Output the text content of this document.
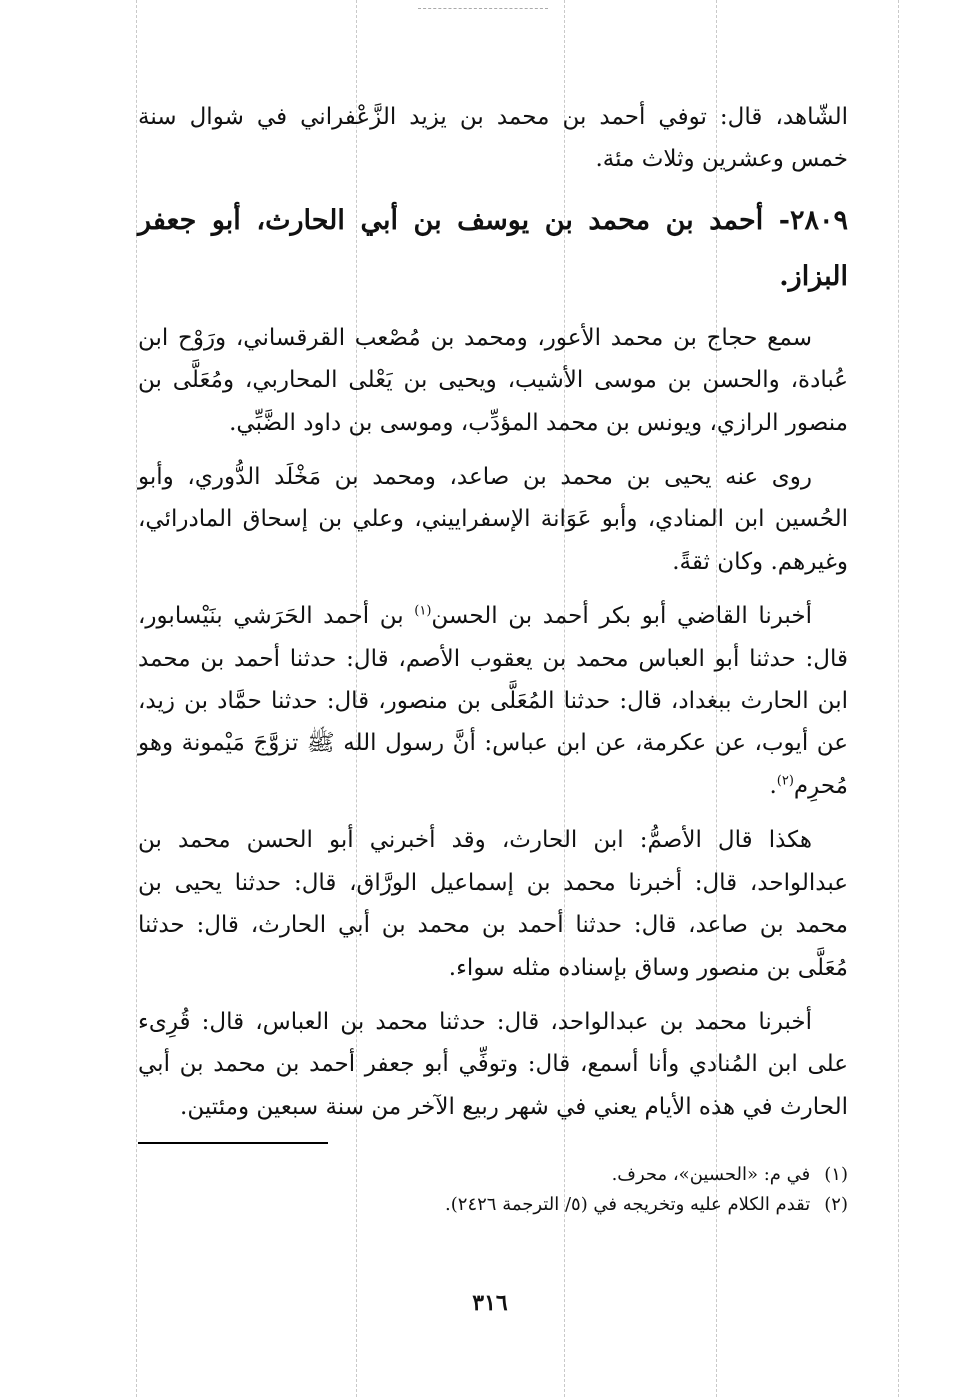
الشّاهد، قال: توفي أحمد بن محمد بن يزيد الزَّعْفراني في شوال سنة خمس وعشرين وثلاث مئة.

٢٨٠٩- أحمد بن محمد بن يوسف بن أبي الحارث، أبو جعفر البزاز.

سمع حجاج بن محمد الأعور، ومحمد بن مُصْعب القرقساني، ورَوْح ابن عُبادة، والحسن بن موسى الأشيب، ويحيى بن يَعْلى المحاربي، ومُعَلَّى بن منصور الرازي، ويونس بن محمد المؤدِّب، وموسى بن داود الضَّبِّي.

روى عنه يحيى بن محمد بن صاعد، ومحمد بن مَخْلَد الدُّوري، وأبو الحُسين ابن المنادي، وأبو عَوَانة الإسفراييني، وعلي بن إسحاق المادرائي، وغيرهم. وكان ثقةً.

أخبرنا القاضي أبو بكر أحمد بن الحسن$^{(١)}$ بن أحمد الحَرَشي بنَيْسابور، قال: حدثنا أبو العباس محمد بن يعقوب الأصم، قال: حدثنا أحمد بن محمد ابن الحارث ببغداد، قال: حدثنا المُعَلَّى بن منصور، قال: حدثنا حمَّاد بن زيد، عن أيوب، عن عكرمة، عن ابن عباس: أنَّ رسول الله ﷺ تزوَّجَ مَيْمونة وهو مُحرِم$^{(٢)}$.

هكذا قال الأصمُّ: ابن الحارث، وقد أخبرني أبو الحسن محمد بن عبدالواحد، قال: أخبرنا محمد بن إسماعيل الورَّاق، قال: حدثنا يحيى بن محمد بن صاعد، قال: حدثنا أحمد بن محمد بن أبي الحارث، قال: حدثنا مُعَلَّى بن منصور وساق بإسناده مثله سواء.

أخبرنا محمد بن عبدالواحد، قال: حدثنا محمد بن العباس، قال: قُرِىء على ابن المُنادي وأنا أسمع، قال: وتوفِّي أبو جعفر أحمد بن محمد بن أبي الحارث في هذه الأيام يعني في شهر ربيع الآخر من سنة سبعين ومئتين.

(١)في م: «الحسين»، محرف.

(٢)تقدم الكلام عليه وتخريجه في (٥/ الترجمة ٢٤٢٦).

٣١٦
